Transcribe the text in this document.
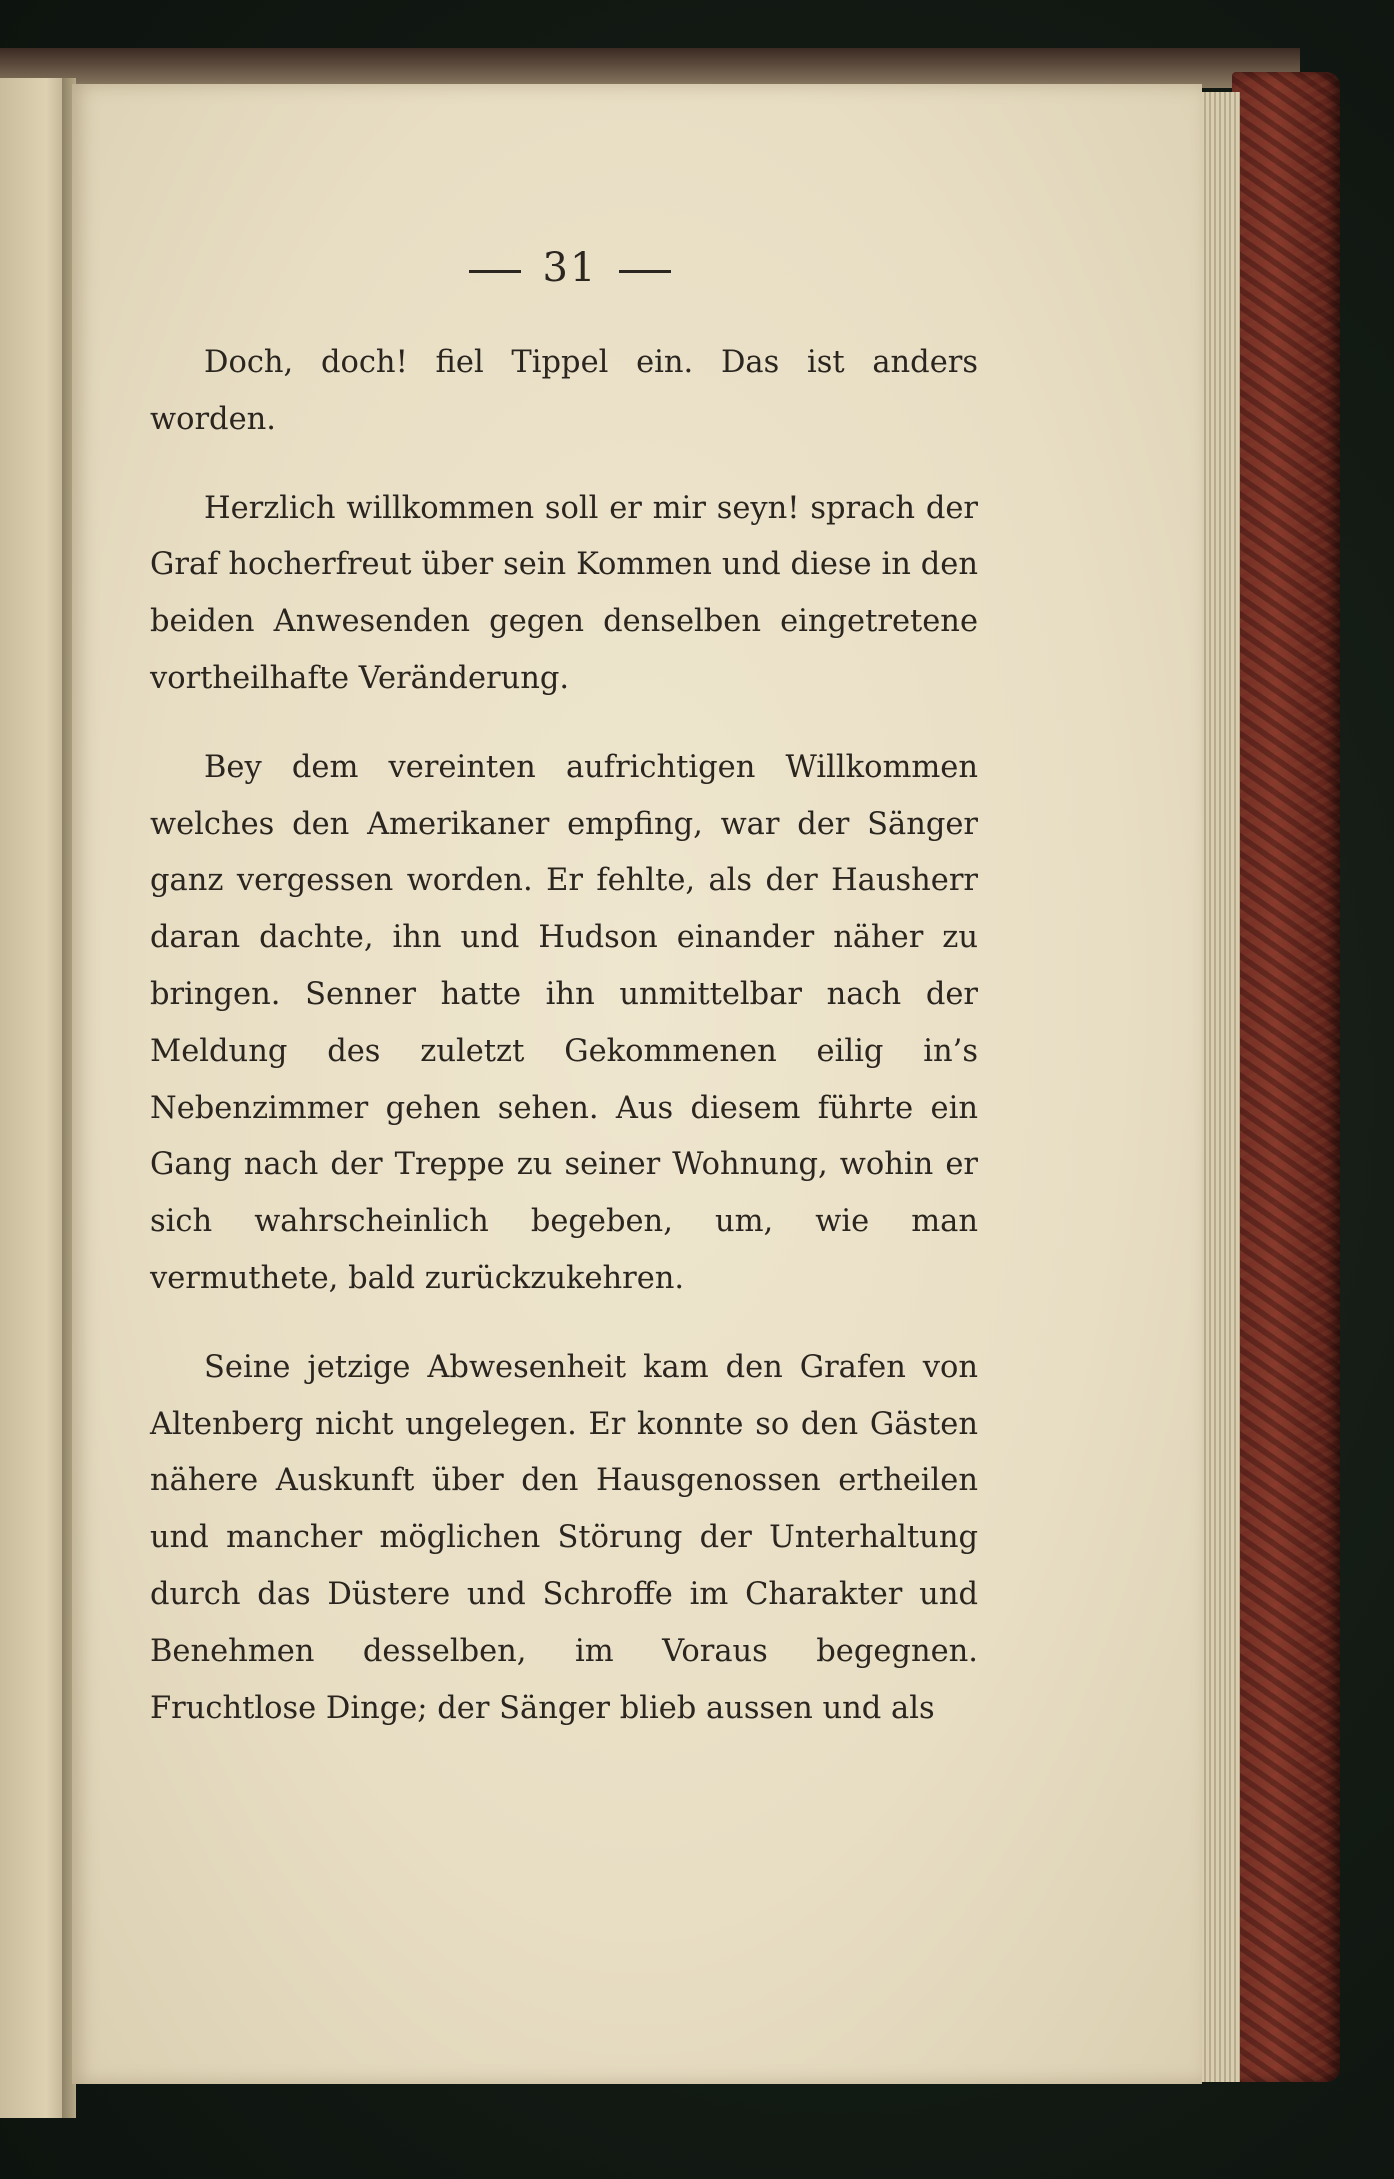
31

Doch, doch! fiel Tippel ein. Das ist anders worden.

Herzlich willkommen soll er mir seyn! sprach der Graf hocherfreut über sein Kommen und diese in den beiden Anwesenden gegen denselben eingetretene vortheilhafte Veränderung.

Bey dem vereinten aufrichtigen Willkommen welches den Amerikaner empfing, war der Sänger ganz vergessen worden. Er fehlte, als der Hausherr daran dachte, ihn und Hudson einander näher zu bringen. Senner hatte ihn unmittelbar nach der Meldung des zuletzt Gekommenen eilig in’s Nebenzimmer gehen sehen. Aus diesem führte ein Gang nach der Treppe zu seiner Wohnung, wohin er sich wahrscheinlich begeben, um, wie man vermuthete, bald zurückzukehren.

Seine jetzige Abwesenheit kam den Grafen von Altenberg nicht ungelegen. Er konnte so den Gästen nähere Auskunft über den Hausgenossen ertheilen und mancher möglichen Störung der Unterhaltung durch das Düstere und Schroffe im Charakter und Benehmen desselben, im Voraus begegnen. Fruchtlose Dinge; der Sänger blieb aussen und als
